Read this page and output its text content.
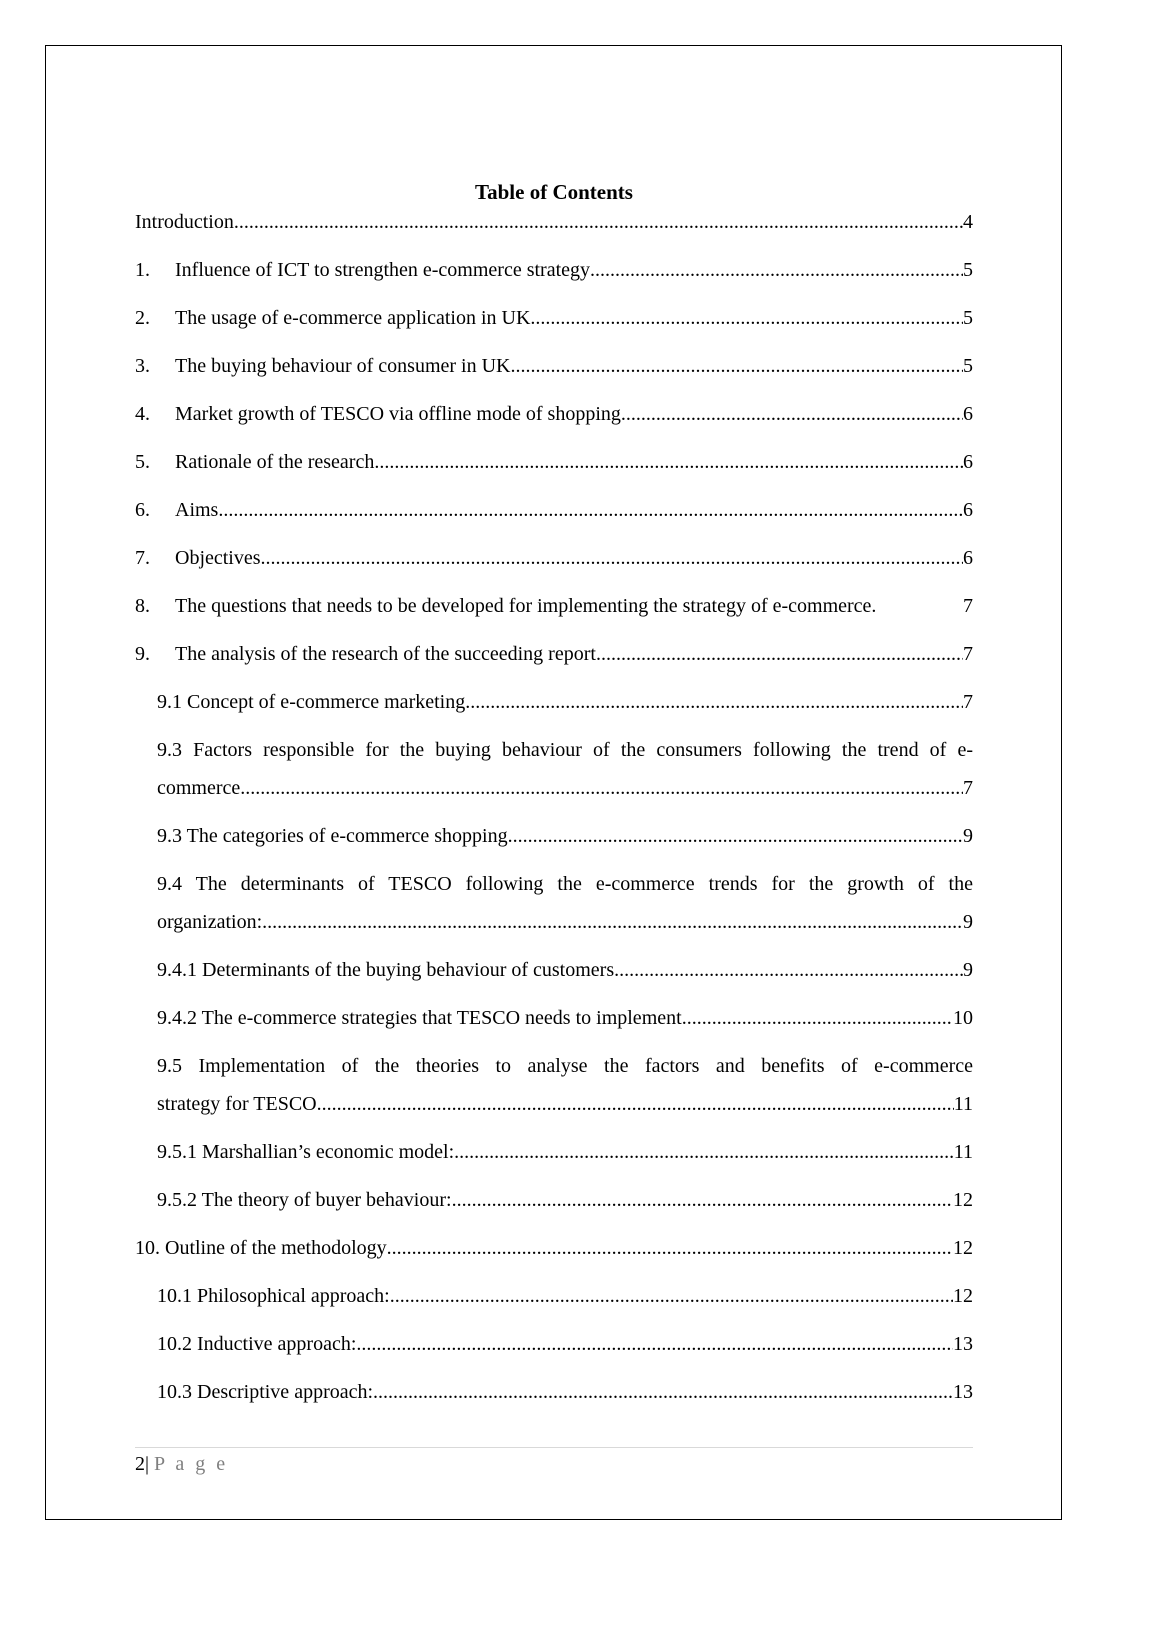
Table of Contents
Introduction .....	4
1.	Influence of ICT to strengthen e-commerce strategy .....	5
2.	The usage of e-commerce application in UK .....	5
3.	The buying behaviour of consumer in UK .....	5
4.	Market growth of TESCO via offline mode of shopping .....	6
5.	Rationale of the research .....	6
6.	Aims .....	6
7.	Objectives .....	6
8.	The questions that needs to be developed for implementing the strategy of e-commerce.	7
9.	The analysis of the research of the succeeding report .....	7
9.1 Concept of e-commerce marketing .....	7
9.3 Factors responsible for the buying behaviour of the consumers following the trend of e-
commerce .....	7
9.3 The categories of e-commerce shopping .....	9
9.4 The determinants of TESCO following the e-commerce trends for the growth of the
organization: .....	9
9.4.1 Determinants of the buying behaviour of customers .....	9
9.4.2 The e-commerce strategies that TESCO needs to implement .....	10
9.5 Implementation of the theories to analyse the factors and benefits of e-commerce
strategy for TESCO .....	11
9.5.1 Marshallian’s economic model: .....	11
9.5.2 The theory of buyer behaviour: .....	12
10. Outline of the methodology .....	12
10.1 Philosophical approach: .....	12
10.2 Inductive approach: .....	13
10.3 Descriptive approach: .....	13
2| P a g e
